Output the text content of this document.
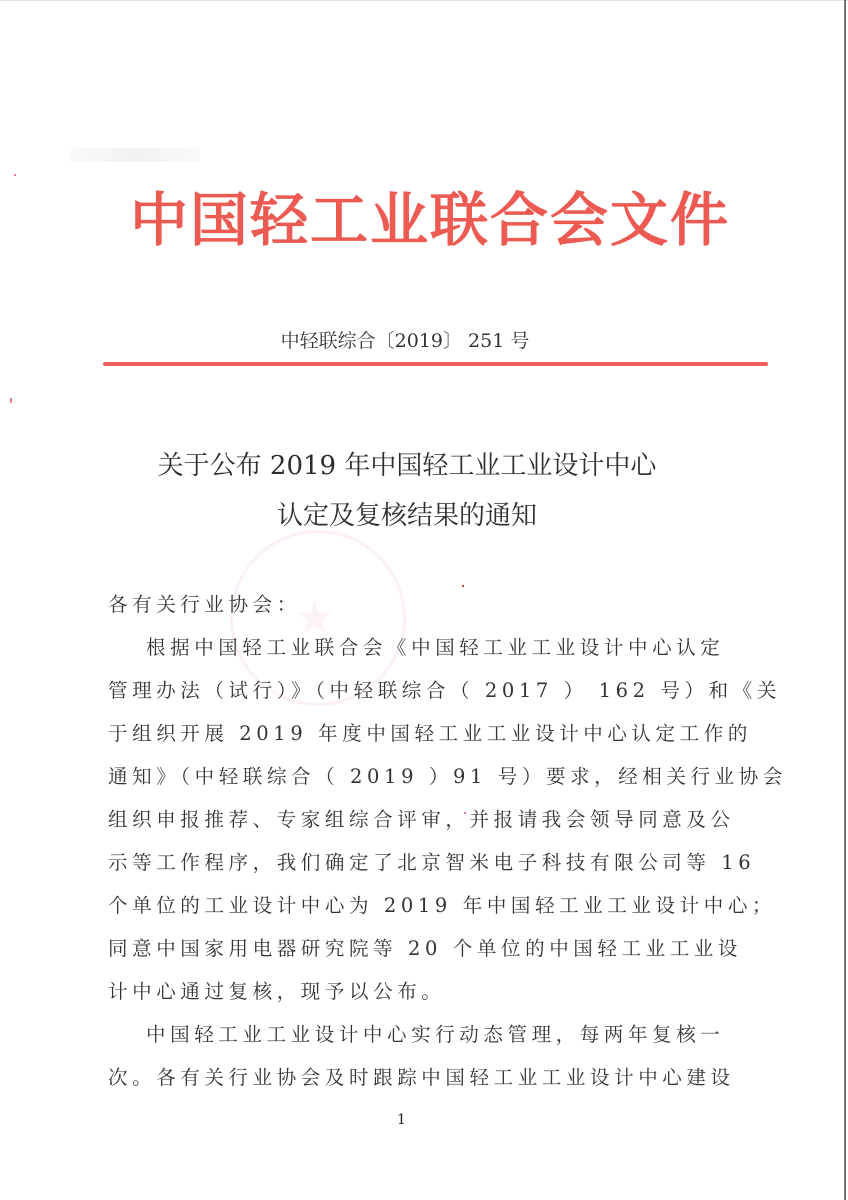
★
中国轻工业联合会文件
中轻联综合〔2019〕 251 号
关于公布 2019 年中国轻工业工业设计中心
认定及复核结果的通知
各有关行业协会：
根据中国轻工业联合会《中国轻工业工业设计中心认定
管理办法（试行）》（中轻联综合（ 2017 ） 162 号）和《关
于组织开展 2019 年度中国轻工业工业设计中心认定工作的
通知》（中轻联综合（ 2019 ）91 号）要求，经相关行业协会
组织申报推荐、专家组综合评审，并报请我会领导同意及公
示等工作程序，我们确定了北京智米电子科技有限公司等 16
个单位的工业设计中心为 2019 年中国轻工业工业设计中心；
同意中国家用电器研究院等 20 个单位的中国轻工业工业设
计中心通过复核，现予以公布。
中国轻工业工业设计中心实行动态管理，每两年复核一
次。各有关行业协会及时跟踪中国轻工业工业设计中心建设
1
